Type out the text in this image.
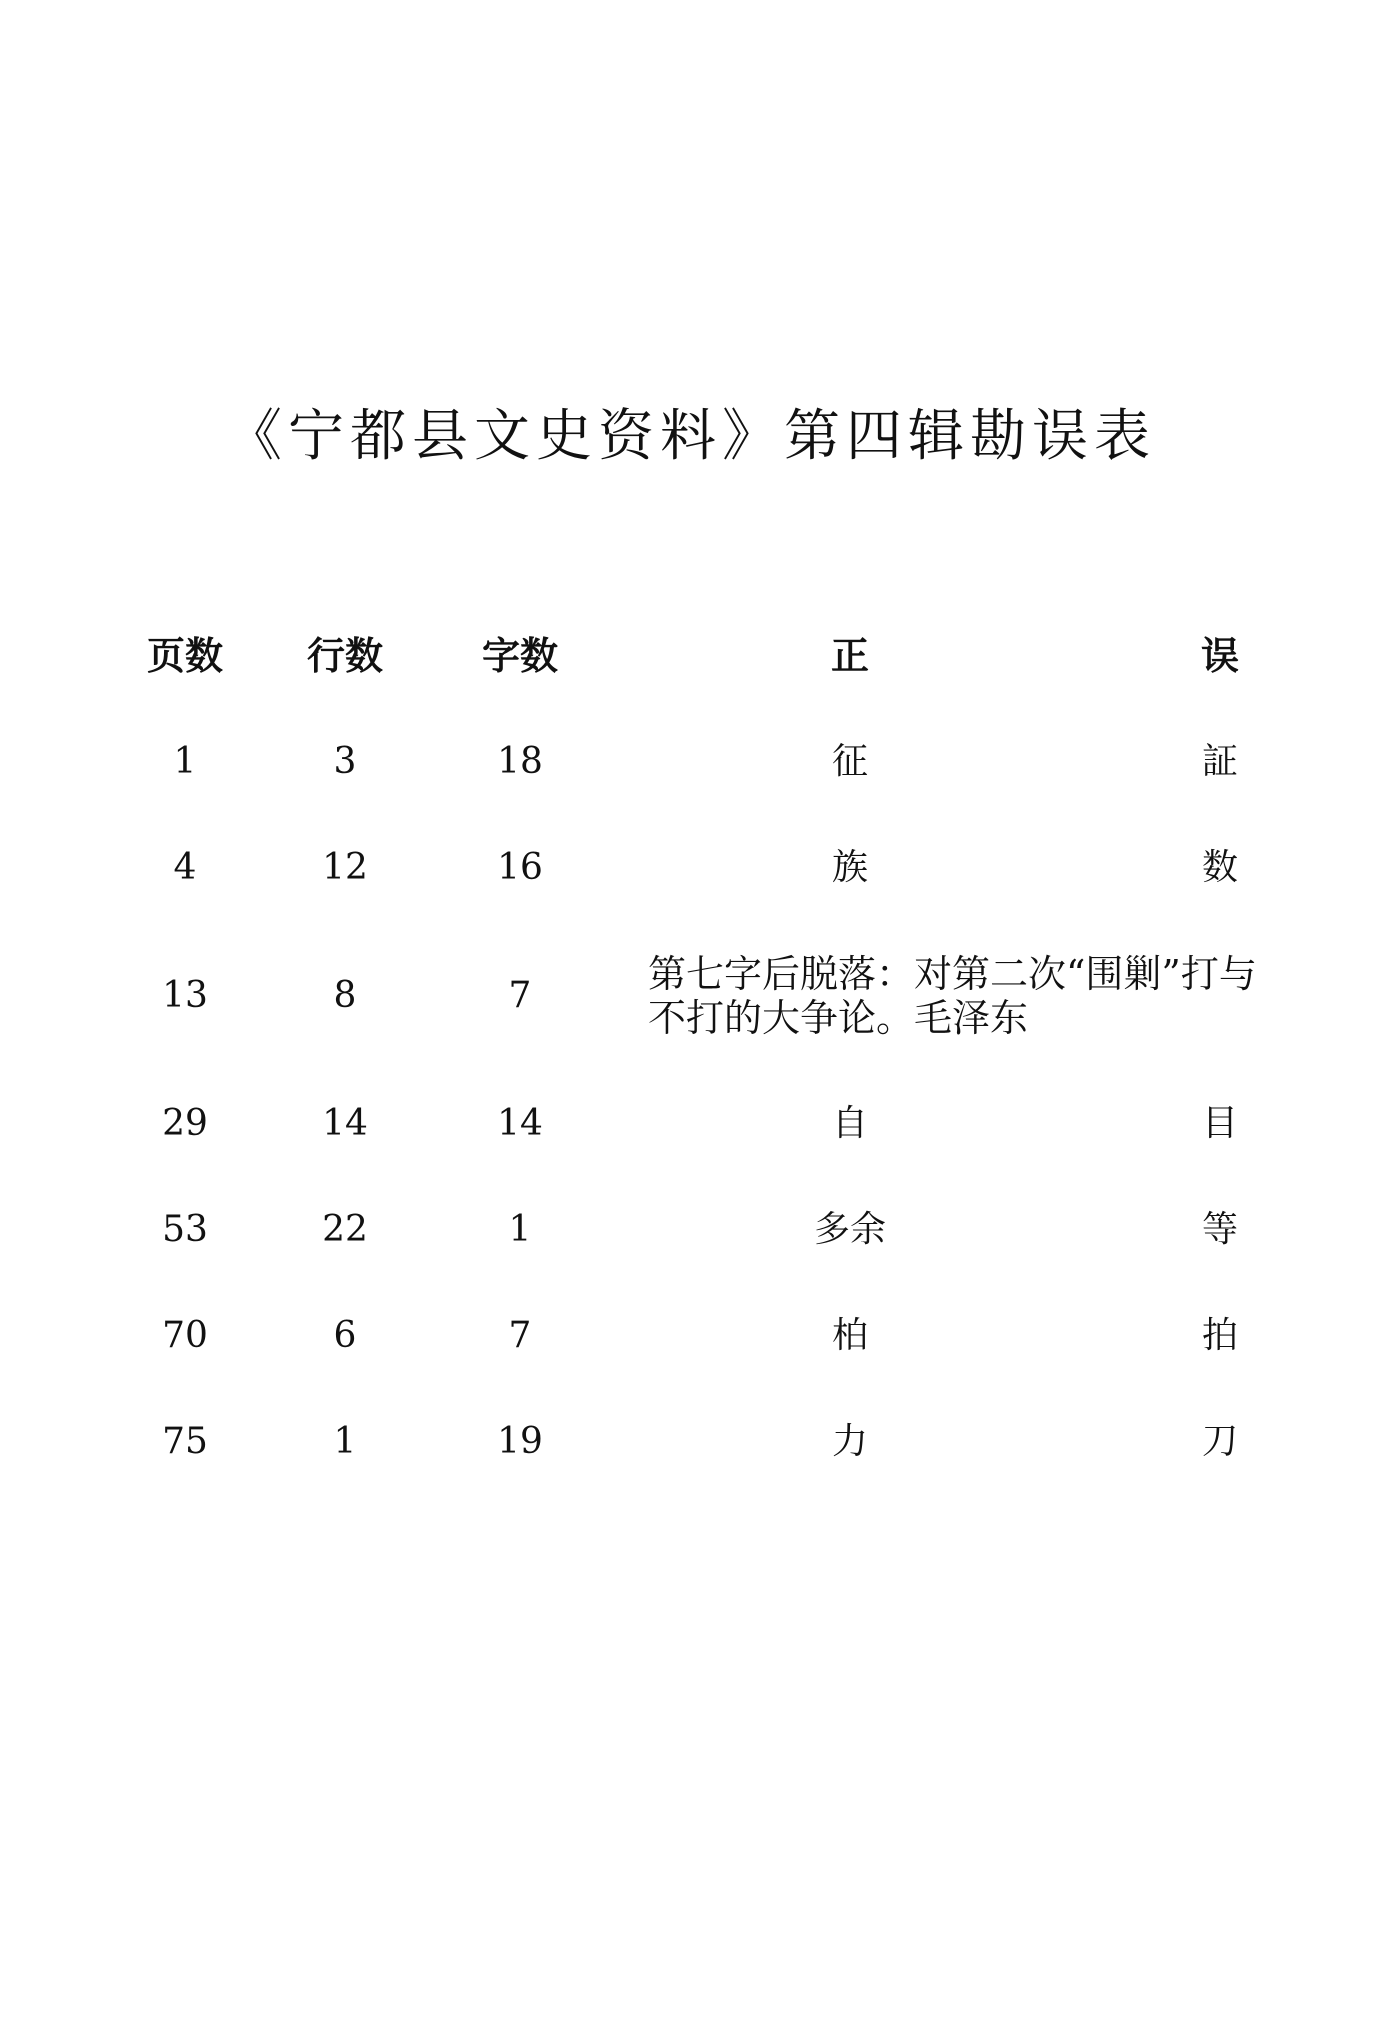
《宁都县文史资料》第四辑勘误表
页数 行数	字数	正	误
1	3	18	征	証
4	12	16	族	数
13	8	7	第七字后脱落：对第二次“围剿”打与不打的大争论。毛泽东
29	14	14	自	目
53	22	1	多余	等
70	6	7	柏	拍
75	1	19	力	刀
